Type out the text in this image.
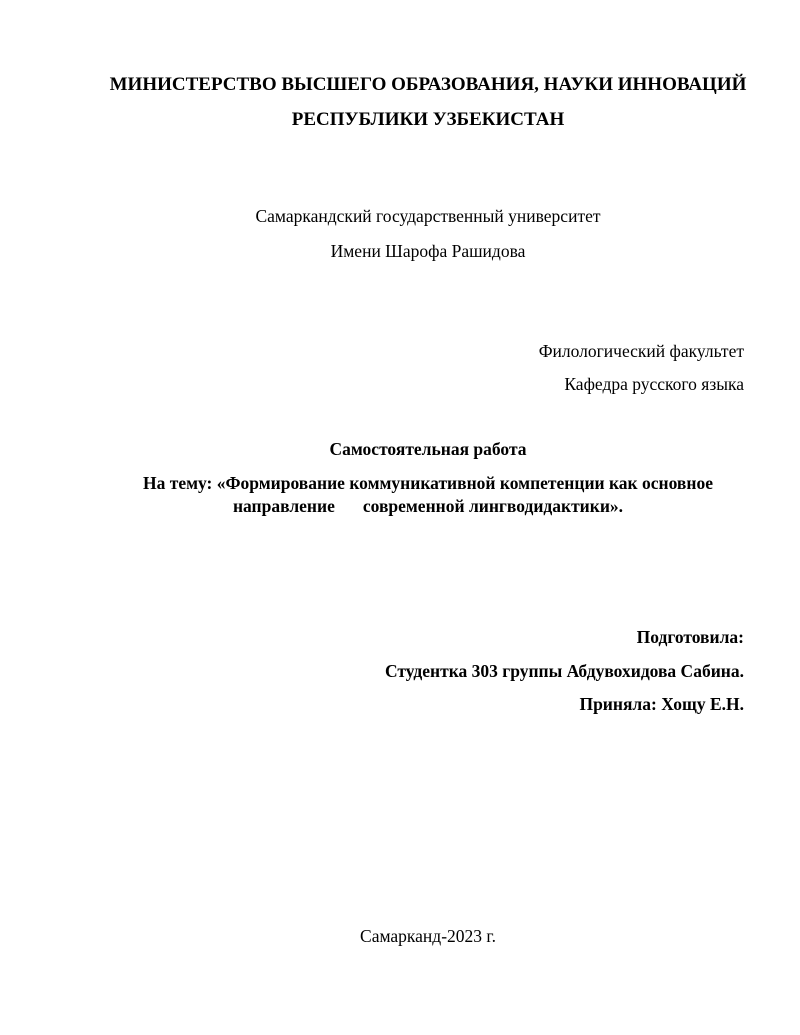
МИНИСТЕРСТВО ВЫСШЕГО ОБРАЗОВАНИЯ, НАУКИ ИННОВАЦИЙ
РЕСПУБЛИКИ УЗБЕКИСТАН
Самаркандский государственный университет
Имени Шарофа Рашидова
Филологический факультет
Кафедра русского языка
Самостоятельная работа
На тему: «Формирование коммуникативной компетенции как основное
направление современной лингводидактики».
Подготовила:
Студентка 303 группы Абдувохидова Сабина.
Приняла: Хощу Е.Н.
Самарканд-2023 г.
